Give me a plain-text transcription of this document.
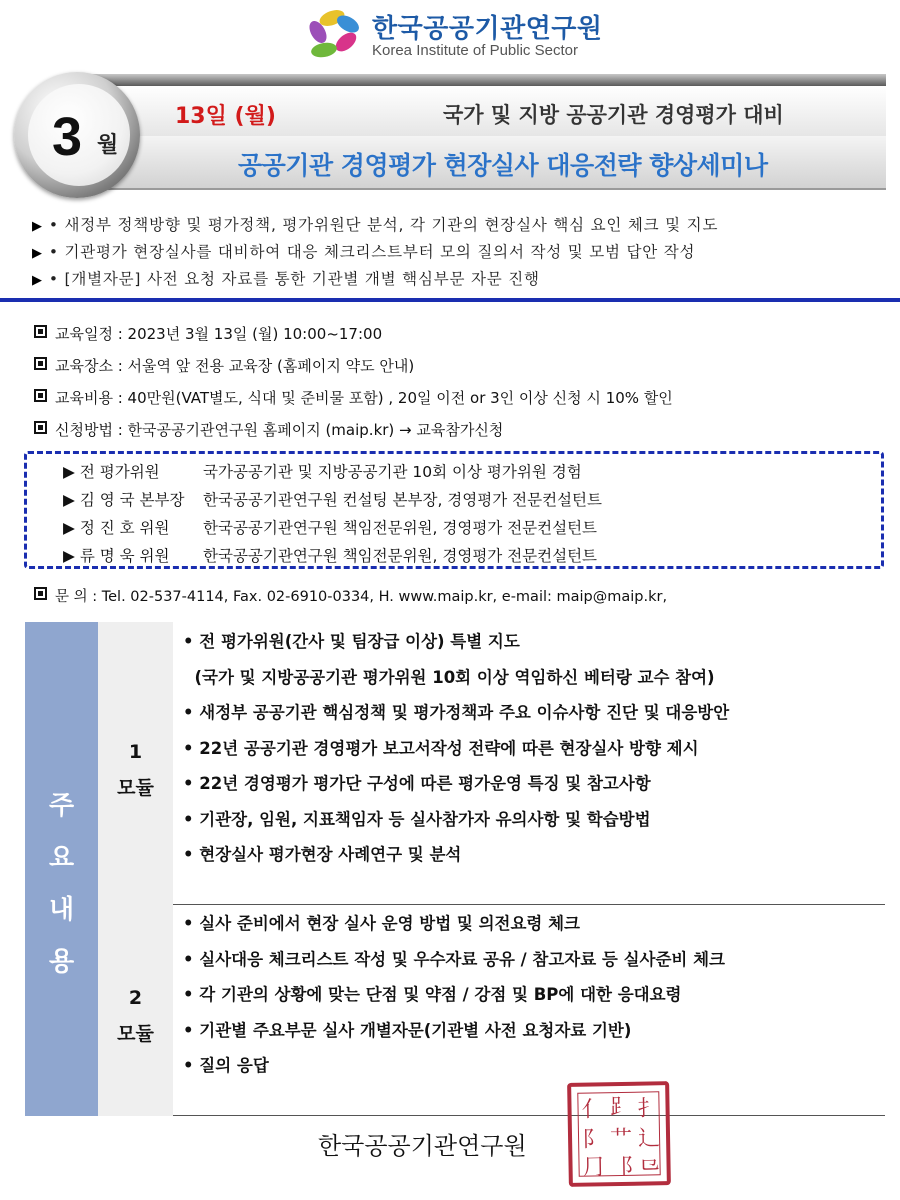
한국공공기관연구원
Korea Institute of Public Sector
3 월
13일 (월)	국가 및 지방 공공기관 경영평가 대비
공공기관 경영평가 현장실사 대응전략 향상세미나
▶ • 새정부 정책방향 및 평가정책, 평가위원단 분석, 각 기관의 현장실사 핵심 요인 체크 및 지도
▶ • 기관평가 현장실사를 대비하여 대응 체크리스트부터 모의 질의서 작성 및 모범 답안 작성
▶ • [개별자문] 사전 요청 자료를 통한 기관별 개별 핵심부문 자문 진행
교육일정 : 2023년 3월 13일 (월) 10:00~17:00
교육장소 : 서울역 앞 전용 교육장 (홈페이지 약도 안내)
교육비용 : 40만원(VAT별도, 식대 및 준비물 포함) , 20일 이전 or 3인 이상 신청 시 10% 할인
신청방법 : 한국공공기관연구원 홈페이지 (maip.kr) → 교육참가신청
▶ 전 평가위원	국가공공기관 및 지방공공기관 10회 이상 평가위원 경험
▶ 김 영 국 본부장 한국공공기관연구원 컨설팅 본부장, 경영평가 전문컨설턴트
▶ 정 진 호 위원 한국공공기관연구원 책임전문위원, 경영평가 전문컨설턴트
▶ 류 명 욱 위원 한국공공기관연구원 책임전문위원, 경영평가 전문컨설턴트
문 의 : Tel. 02-537-4114, Fax. 02-6910-0334, H. www.maip.kr, e-mail: maip@maip.kr,
주
요
내
용
1
모듈
• 전 평가위원(간사 및 팀장급 이상) 특별 지도
(국가 및 지방공공기관 평가위원 10회 이상 역임하신 베터랑 교수 참여)
• 새정부 공공기관 핵심정책 및 평가정책과 주요 이슈사항 진단 및 대응방안
• 22년 공공기관 경영평가 보고서작성 전략에 따른 현장실사 방향 제시
• 22년 경영평가 평가단 구성에 따른 평가운영 특징 및 참고사항
• 기관장, 임원, 지표책임자 등 실사참가자 유의사항 및 학습방법
• 현장실사 평가현장 사례연구 및 분석
2
모듈
• 실사 준비에서 현장 실사 운영 방법 및 의전요령 체크
• 실사대응 체크리스트 작성 및 우수자료 공유 / 참고자료 등 실사준비 체크
• 각 기관의 상황에 맞는 단점 및 약점 / 강점 및 BP에 대한 응대요령
• 기관별 주요부문 실사 개별자문(기관별 사전 요청자료 기반)
• 질의 응답
한국공공기관연구원
⺅ ⻊ ⺘
⻖ ⺾ ⻌
⺆ ⻏ ⺋
